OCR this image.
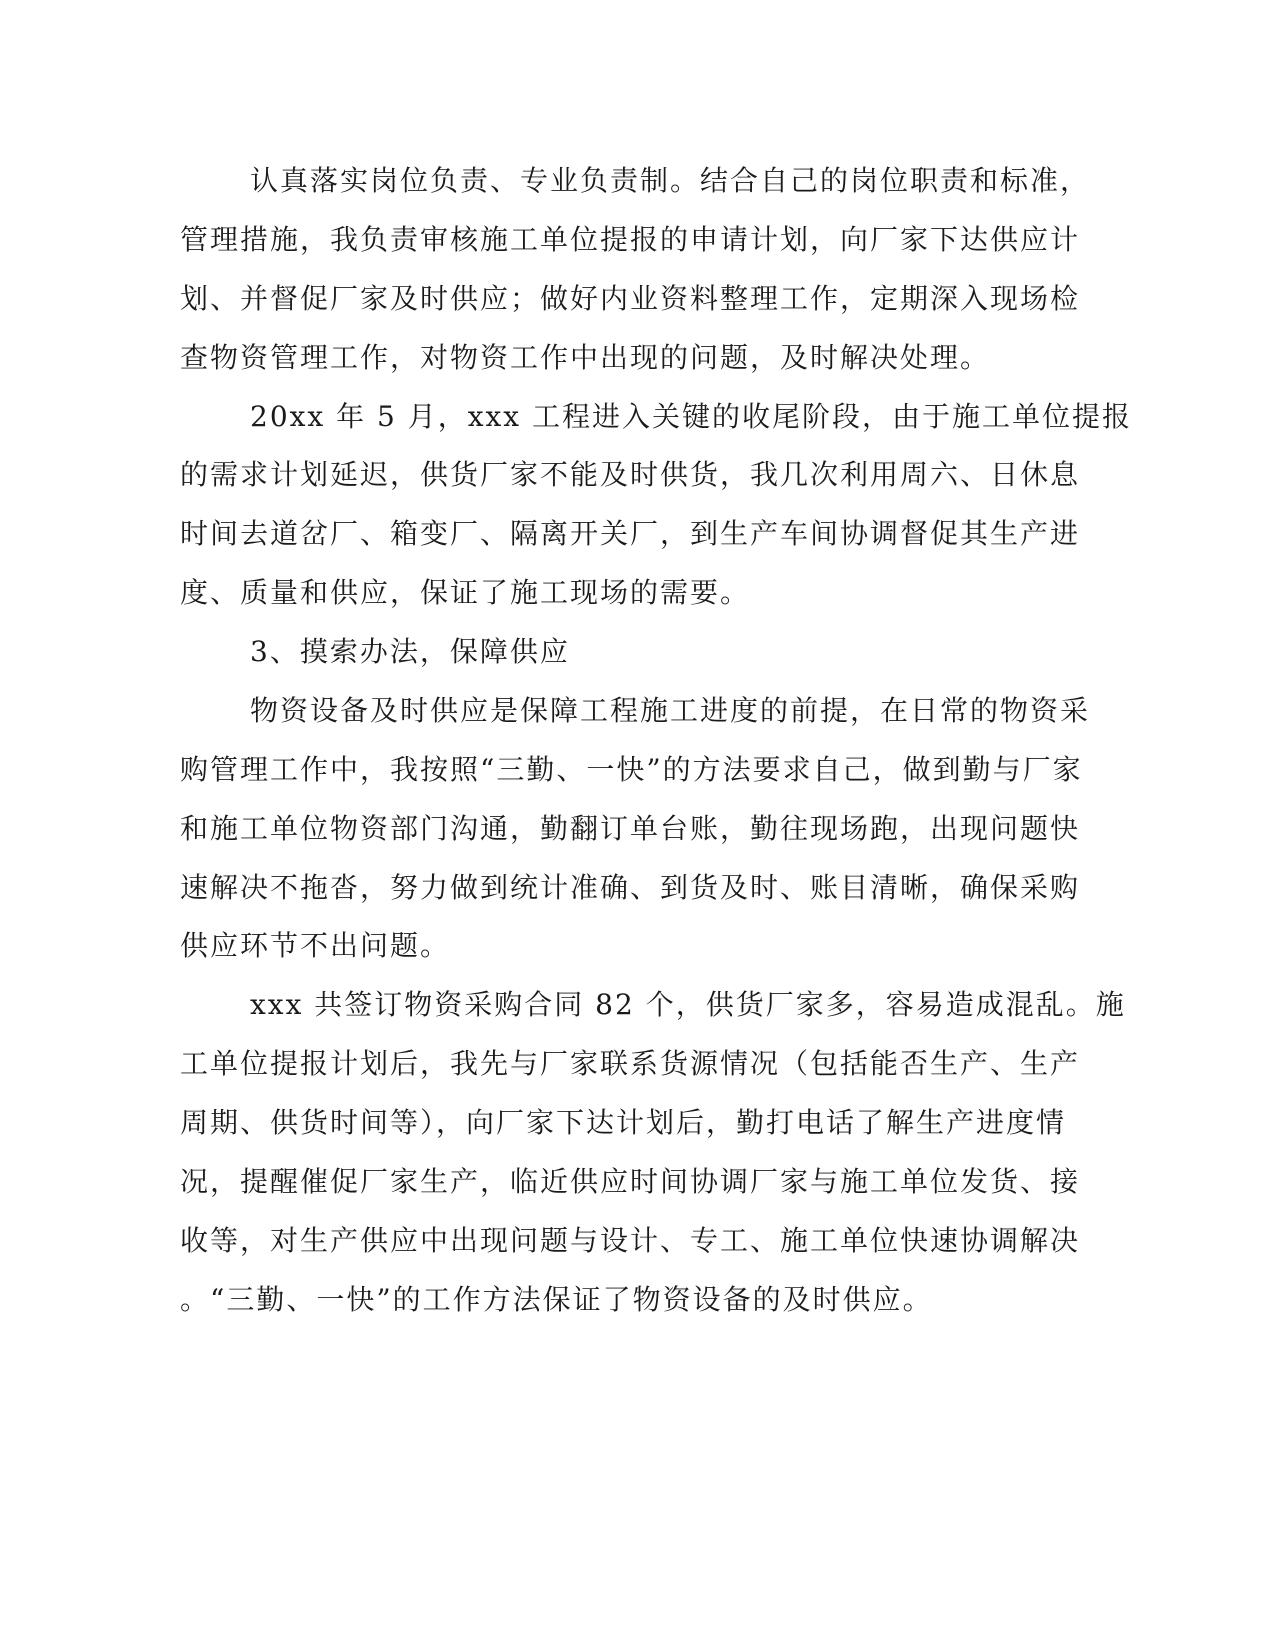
认真落实岗位负责、专业负责制。结合自己的岗位职责和标准，
管理措施，我负责审核施工单位提报的申请计划，向厂家下达供应计
划、并督促厂家及时供应；做好内业资料整理工作，定期深入现场检
查物资管理工作，对物资工作中出现的问题，及时解决处理。
20xx 年 5 月，xxx 工程进入关键的收尾阶段，由于施工单位提报
的需求计划延迟，供货厂家不能及时供货，我几次利用周六、日休息
时间去道岔厂、箱变厂、隔离开关厂，到生产车间协调督促其生产进
度、质量和供应，保证了施工现场的需要。
3、摸索办法，保障供应
物资设备及时供应是保障工程施工进度的前提，在日常的物资采
购管理工作中，我按照“三勤、一快”的方法要求自己，做到勤与厂家
和施工单位物资部门沟通，勤翻订单台账，勤往现场跑，出现问题快
速解决不拖沓，努力做到统计准确、到货及时、账目清晰，确保采购
供应环节不出问题。
xxx 共签订物资采购合同 82 个，供货厂家多，容易造成混乱。施
工单位提报计划后，我先与厂家联系货源情况（包括能否生产、生产
周期、供货时间等），向厂家下达计划后，勤打电话了解生产进度情
况，提醒催促厂家生产，临近供应时间协调厂家与施工单位发货、接
收等，对生产供应中出现问题与设计、专工、施工单位快速协调解决
。“三勤、一快”的工作方法保证了物资设备的及时供应。
